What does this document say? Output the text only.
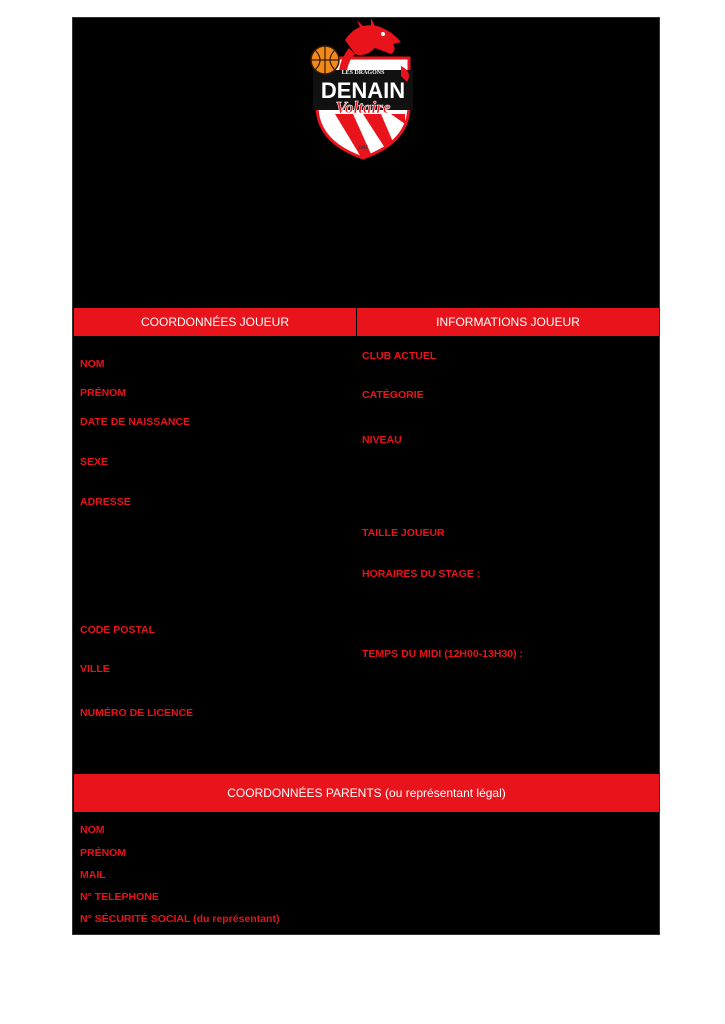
LES DRAGONS
DENAIN
Voltaire
1947
COORDONNÉES JOUEUR	INFORMATIONS JOUEUR
NOM
PRÉNOM
DATE DE NAISSANCE
SEXE
ADRESSE
CODE POSTAL
VILLE
NUMÉRO DE LICENCE
CLUB ACTUEL
CATÉGORIE
NIVEAU
TAILLE JOUEUR
HORAIRES DU STAGE :
TEMPS DU MIDI (12H00-13H30) :
COORDONNÉES PARENTS (ou représentant légal)
NOM
PRÉNOM
MAIL
N° TELEPHONE
N° SÉCURITÉ SOCIAL (du représentant)
